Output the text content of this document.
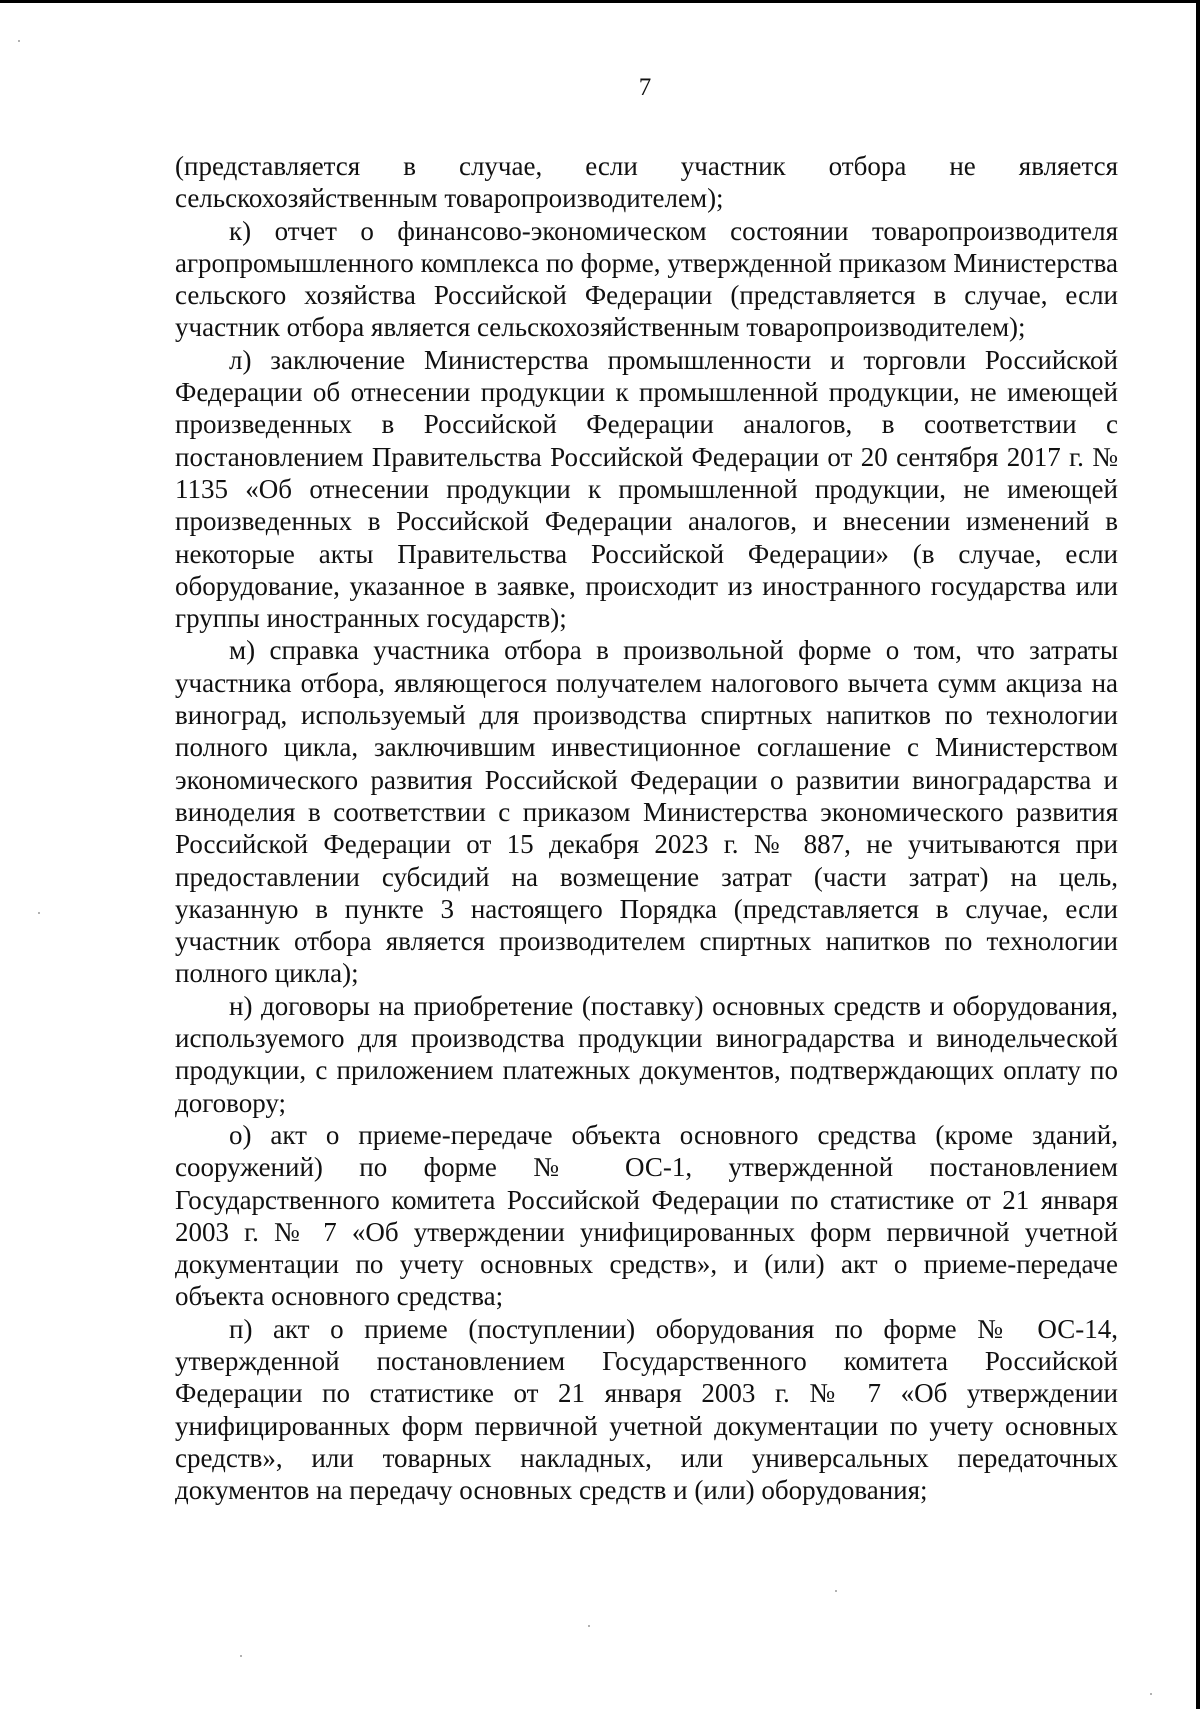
7

(представляется в случае, если участник отбора не является сельскохозяйственным товаропроизводителем);

к) отчет о финансово-экономическом состоянии товаропроизводителя агропромышленного комплекса по форме, утвержденной приказом Министерства сельского хозяйства Российской Федерации (представляется в случае, если участник отбора является сельскохозяйственным товаропроизводителем);

л) заключение Министерства промышленности и торговли Российской Федерации об отнесении продукции к промышленной продукции, не имеющей произведенных в Российской Федерации аналогов, в соответствии с постановлением Правительства Российской Федерации от 20 сентября 2017 г. № 1135 «Об отнесении продукции к промышленной продукции, не имеющей произведенных в Российской Федерации аналогов, и внесении изменений в некоторые акты Правительства Российской Федерации» (в случае, если оборудование, указанное в заявке, происходит из иностранного государства или группы иностранных государств);

м) справка участника отбора в произвольной форме о том, что затраты участника отбора, являющегося получателем налогового вычета сумм акциза на виноград, используемый для производства спиртных напитков по технологии полного цикла, заключившим инвестиционное соглашение с Министерством экономического развития Российской Федерации о развитии виноградарства и виноделия в соответствии с приказом Министерства экономического развития Российской Федерации от 15 декабря 2023 г. № 887, не учитываются при предоставлении субсидий на возмещение затрат (части затрат) на цель, указанную в пункте 3 настоящего Порядка (представляется в случае, если участник отбора является производителем спиртных напитков по технологии полного цикла);

н) договоры на приобретение (поставку) основных средств и оборудования, используемого для производства продукции виноградарства и винодельческой продукции, с приложением платежных документов, подтверждающих оплату по договору;

о) акт о приеме-передаче объекта основного средства (кроме зданий, сооружений) по форме № ОС-1, утвержденной постановлением Государственного комитета Российской Федерации по статистике от 21 января 2003 г. № 7 «Об утверждении унифицированных форм первичной учетной документации по учету основных средств», и (или) акт о приеме-передаче объекта основного средства;

п) акт о приеме (поступлении) оборудования по форме № ОС-14, утвержденной постановлением Государственного комитета Российской Федерации по статистике от 21 января 2003 г. № 7 «Об утверждении унифицированных форм первичной учетной документации по учету основных средств», или товарных накладных, или универсальных передаточных документов на передачу основных средств и (или) оборудования;
